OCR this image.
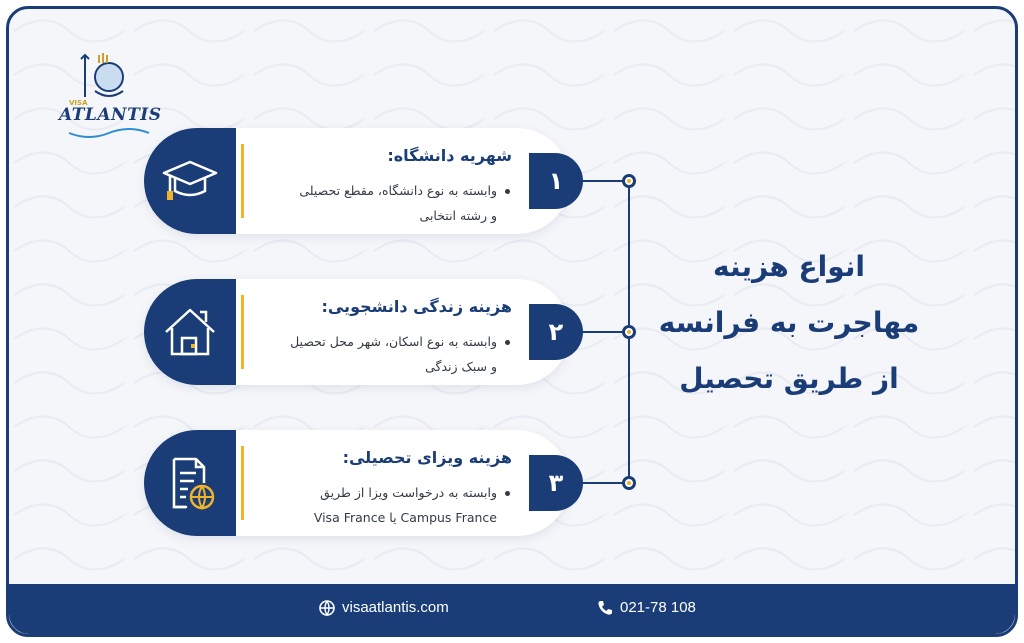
VISA
ATLANTIS
شهریه دانشگاه:
وابسته به نوع دانشگاه، مقطع تحصیلی
و رشته انتخابی
۱
هزینه زندگی دانشجویی:
وابسته به نوع اسکان، شهر محل تحصیل
و سبک زندگی
۲
هزینه ویزای تحصیلی:
وابسته به درخواست ویزا از طریق
Campus France یا Visa France
۳
انواع هزینه
مهاجرت به فرانسه
از طریق تحصیل
visaatlantis.com	021-78 108
